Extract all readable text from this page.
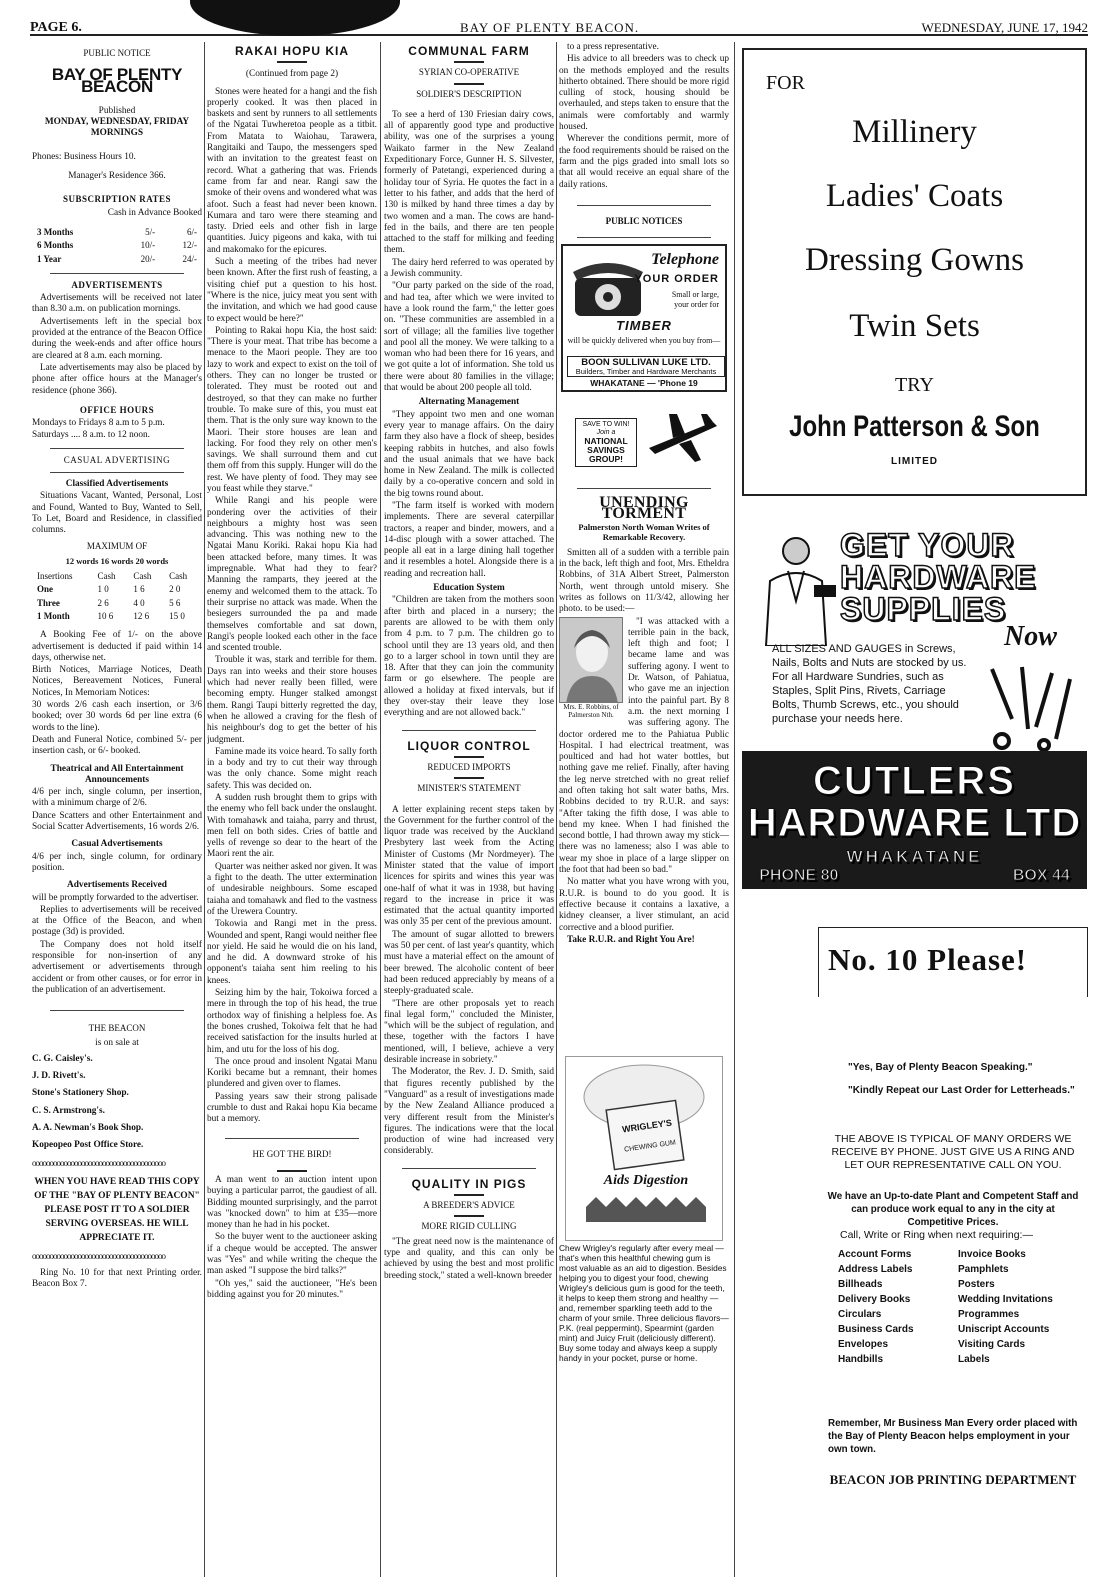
PAGE 6.	BAY OF PLENTY BEACON.	WEDNESDAY, JUNE 17, 1942
PUBLIC NOTICE
BAY OF PLENTY BEACON
Published
MONDAY, WEDNESDAY, FRIDAY MORNINGS
Phones: Business Hours 10.
Manager's Residence 366.
SUBSCRIPTION RATES
Cash in Advance Booked
3 Months	5/-	6/-
6 Months	10/-	12/-
1 Year	20/-	24/-
ADVERTISEMENTS

Advertisements will be received not later than 8.30 a.m. on publication mornings.

Advertisements left in the special box provided at the entrance of the Beacon Office during the week-ends and after office hours are cleared at 8 a.m. each morning.

Late advertisements may also be placed by phone after office hours at the Manager's residence (phone 366).

OFFICE HOURS

Mondays to Fridays 8 a.m to 5 p.m.

Saturdays .... 8 a.m. to 12 noon.

CASUAL ADVERTISING
Classified Advertisements

Situations Vacant, Wanted, Personal, Lost and Found, Wanted to Buy, Wanted to Sell, To Let, Board and Residence, in classified columns.

MAXIMUM OF
12 words 16 words 20 words
Insertions	Cash	Cash	Cash
One	1 0	1 6	2 0
Three	2 6	4 0	5 6
1 Month	10 6	12 6	15 0

A Booking Fee of 1/- on the above advertisement is deducted if paid within 14 days, otherwise net.

Birth Notices, Marriage Notices, Death Notices, Bereavement Notices, Funeral Notices, In Memoriam Notices:

30 words 2/6 cash each insertion, or 3/6 booked; over 30 words 6d per line extra (6 words to the line).

Death and Funeral Notice, combined 5/- per insertion cash, or 6/- booked.

Theatrical and All Entertainment Announcements

4/6 per inch, single column, per insertion, with a minimum charge of 2/6.

Dance Scatters and other Entertainment and Social Scatter Advertisements, 16 words 2/6.

Casual Advertisements

4/6 per inch, single column, for ordinary position.

Advertisements Received

will be promptly forwarded to the advertiser.

Replies to advertisements will be received at the Office of the Beacon, and when postage (3d) is provided.

The Company does not hold itself responsible for non-insertion of any advertisement or advertisements through accident or from other causes, or for error in the publication of an advertisement.

THE BEACON
is on sale at
C. G. Caisley's.
J. D. Rivett's.
Stone's Stationery Shop.
C. S. Armstrong's.
A. A. Newman's Book Shop.
Kopeopeo Post Office Store.
oooooooooooooooooooooooooooooooooooooo
WHEN YOU HAVE READ THIS COPY OF THE "BAY OF PLENTY BEACON" PLEASE POST IT TO A SOLDIER SERVING OVERSEAS. HE WILL APPRECIATE IT.
oooooooooooooooooooooooooooooooooooooo

Ring No. 10 for that next Printing order. Beacon Box 7.

RAKAI HOPU KIA
(Continued from page 2)

Stones were heated for a hangi and the fish properly cooked. It was then placed in baskets and sent by runners to all settlements of the Ngatai Tuwheretoa people as a titbit. From Matata to Waiohau, Tarawera, Rangitaiki and Taupo, the messengers sped with an invitation to the greatest feast on record. What a gathering that was. Friends came from far and near. Rangi saw the smoke of their ovens and wondered what was afoot. Such a feast had never been known. Kumara and taro were there steaming and tasty. Dried eels and other fish in large quantities. Juicy pigeons and kaka, with tui and makomako for the epicures.

Such a meeting of the tribes had never been known. After the first rush of feasting, a visiting chief put a question to his host. "Where is the nice, juicy meat you sent with the invitation, and which we had good cause to expect would be here?"

Pointing to Rakai hopu Kia, the host said: "There is your meat. That tribe has become a menace to the Maori people. They are too lazy to work and expect to exist on the toil of others. They can no longer be trusted or tolerated. They must be rooted out and destroyed, so that they can make no further trouble. To make sure of this, you must eat them. That is the only sure way known to the Maori. Their store houses are lean and lacking. For food they rely on other men's savings. We shall surround them and cut them off from this supply. Hunger will do the rest. We have plenty of food. They may see you feast while they starve."

While Rangi and his people were pondering over the activities of their neighbours a mighty host was seen advancing. This was nothing new to the Ngatai Manu Koriki. Rakai hopu Kia had been attacked before, many times. It was impregnable. What had they to fear? Manning the ramparts, they jeered at the enemy and welcomed them to the attack. To their surprise no attack was made. When the besiegers surrounded the pa and made themselves comfortable and sat down, Rangi's people looked each other in the face and scented trouble.

Trouble it was, stark and terrible for them. Days ran into weeks and their store houses which had never really been filled, were becoming empty. Hunger stalked amongst them. Rangi Taupi bitterly regretted the day, when he allowed a craving for the flesh of his neighbour's dog to get the better of his judgment.

Famine made its voice heard. To sally forth in a body and try to cut their way through was the only chance. Some might reach safety. This was decided on.

A sudden rush brought them to grips with the enemy who fell back under the onslaught. With tomahawk and taiaha, parry and thrust, men fell on both sides. Cries of battle and yells of revenge so dear to the heart of the Maori rent the air.

Quarter was neither asked nor given. It was a fight to the death. The utter extermination of undesirable neighbours. Some escaped taiaha and tomahawk and fled to the vastness of the Urewera Country.

Tokowia and Rangi met in the press. Wounded and spent, Rangi would neither flee nor yield. He said he would die on his land, and he did. A downward stroke of his opponent's taiaha sent him reeling to his knees.

Seizing him by the hair, Tokoiwa forced a mere in through the top of his head, the true orthodox way of finishing a helpless foe. As the bones crushed, Tokoiwa felt that he had received satisfaction for the insults hurled at him, and utu for the loss of his dog.

The once proud and insolent Ngatai Manu Koriki became but a remnant, their homes plundered and given over to flames.

Passing years saw their strong palisade crumble to dust and Rakai hopu Kia became but a memory.

HE GOT THE BIRD!

A man went to an auction intent upon buying a particular parrot, the gaudiest of all. Bidding mounted surprisingly, and the parrot was "knocked down" to him at £35—more money than he had in his pocket.

So the buyer went to the auctioneer asking if a cheque would be accepted. The answer was "Yes" and while writing the cheque the man asked "I suppose the bird talks?"

"Oh yes," said the auctioneer, "He's been bidding against you for 20 minutes."

COMMUNAL FARM
SYRIAN CO-OPERATIVE
SOLDIER'S DESCRIPTION

To see a herd of 130 Friesian dairy cows, all of apparently good type and productive ability, was one of the surprises a young Waikato farmer in the New Zealand Expeditionary Force, Gunner H. S. Silvester, formerly of Patetangi, experienced during a holiday tour of Syria. He quotes the fact in a letter to his father, and adds that the herd of 130 is milked by hand three times a day by two women and a man. The cows are hand-fed in the bails, and there are ten people attached to the staff for milking and feeding them.

The dairy herd referred to was operated by a Jewish community.

"Our party parked on the side of the road, and had tea, after which we were invited to have a look round the farm," the letter goes on. "These communities are assembled in a sort of village; all the families live together and pool all the money. We were talking to a woman who had been there for 16 years, and we got quite a lot of information. She told us there were about 80 families in the village; that would be about 200 people all told.

Alternating Management

"They appoint two men and one woman every year to manage affairs. On the dairy farm they also have a flock of sheep, besides keeping rabbits in hutches, and also fowls and the usual animals that we have back home in New Zealand. The milk is collected daily by a co-operative concern and sold in the big towns round about.

"The farm itself is worked with modern implements. There are several caterpillar tractors, a reaper and binder, mowers, and a 14-disc plough with a sower attached. The people all eat in a large dining hall together and it resembles a hotel. Alongside there is a reading and recreation hall.

Education System

"Children are taken from the mothers soon after birth and placed in a nursery; the parents are allowed to be with them only from 4 p.m. to 7 p.m. The children go to school until they are 13 years old, and then go to a larger school in town until they are 18. After that they can join the community farm or go elsewhere. The people are allowed a holiday at fixed intervals, but if they over-stay their leave they lose everything and are not allowed back."

LIQUOR CONTROL
REDUCED IMPORTS
MINISTER'S STATEMENT

A letter explaining recent steps taken by the Government for the further control of the liquor trade was received by the Auckland Presbytery last week from the Acting Minister of Customs (Mr Nordmeyer). The Minister stated that the value of import licences for spirits and wines this year was one-half of what it was in 1938, but having regard to the increase in price it was estimated that the actual quantity imported was only 35 per cent of the previous amount.

The amount of sugar allotted to brewers was 50 per cent. of last year's quantity, which must have a material effect on the amount of beer brewed. The alcoholic content of beer had been reduced appreciably by means of a steeply-graduated scale.

"There are other proposals yet to reach final legal form," concluded the Minister, "which will be the subject of regulation, and these, together with the factors I have mentioned, will, I believe, achieve a very desirable increase in sobriety."

The Moderator, the Rev. J. D. Smith, said that figures recently published by the "Vanguard" as a result of investigations made by the New Zealand Alliance produced a very different result from the Minister's figures. The indications were that the local production of wine had increased very considerably.

QUALITY IN PIGS
A BREEDER'S ADVICE
MORE RIGID CULLING

"The great need now is the maintenance of type and quality, and this can only be achieved by using the best and most prolific breeding stock," stated a well-known breeder

to a press representative.

His advice to all breeders was to check up on the methods employed and the results hitherto obtained. There should be more rigid culling of stock, housing should be overhauled, and steps taken to ensure that the animals were comfortably and warmly housed.

Wherever the conditions permit, more of the food requirements should be raised on the farm and the pigs graded into small lots so that all would receive an equal share of the daily rations.

PUBLIC NOTICES
Telephone
YOUR ORDER
Small or large, your order for
TIMBER
will be quickly delivered when you buy from—
BOON SULLIVAN LUKE LTD.
Builders, Timber and Hardware Merchants
WHAKATANE — 'Phone 19
SAVE TO WIN!
Join a
NATIONAL SAVINGS GROUP!
UNENDING TORMENT
Palmerston North Woman Writes of Remarkable Recovery.

Smitten all of a sudden with a terrible pain in the back, left thigh and foot, Mrs. Etheldra Robbins, of 31A Albert Street, Palmerston North, went through untold misery. She writes as follows on 11/3/42, allowing her photo. to be used:—

Mrs. E. Robbins, of Palmerston Nth.

"I was attacked with a terrible pain in the back, left thigh and foot; I became lame and was suffering agony. I went to Dr. Watson, of Pahiatua, who gave me an injection into the painful part. By 8 a.m. the next morning I was suffering agony. The doctor ordered me to the Pahiatua Public Hospital. I had electrical treatment, was poulticed and had hot water bottles, but nothing gave me relief. Finally, after having the leg nerve stretched with no great relief and often taking hot salt water baths, Mrs. Robbins decided to try R.U.R. and says: "After taking the fifth dose, I was able to bend my knee. When I had finished the second bottle, I had thrown away my stick—there was no lameness; also I was able to wear my shoe in place of a large slipper on the foot that had been so bad."

No matter what you have wrong with you, R.U.R. is bound to do you good. It is effective because it contains a laxative, a kidney cleanser, a liver stimulant, an acid corrective and a blood purifier.

Take R.U.R. and Right You Are!

WRIGLEY'S
CHEWING GUM
Aids Digestion
Chew Wrigley's regularly after every meal — that's when this healthful chewing gum is most valuable as an aid to digestion. Besides helping you to digest your food, chewing Wrigley's delicious gum is good for the teeth, it helps to keep them strong and healthy — and, remember sparkling teeth add to the charm of your smile. Three delicious flavors—P.K. (real peppermint), Spearmint (garden mint) and Juicy Fruit (deliciously different). Buy some today and always keep a supply handy in your pocket, purse or home.
FOR
Millinery
Ladies' Coats
Dressing Gowns
Twin Sets
TRY
John Patterson & Son
LIMITED
GET YOUR
HARDWARE
SUPPLIES
Now
ALL SIZES AND GAUGES in Screws, Nails, Bolts and Nuts are stocked by us. For all Hardware Sundries, such as Staples, Split Pins, Rivets, Carriage Bolts, Thumb Screws, etc., you should purchase your needs here.
CUTLERS
HARDWARE LTD
WHAKATANE
PHONE 80	BOX 44
No. 10 Please!
"Yes, Bay of Plenty Beacon Speaking."
"Kindly Repeat our Last Order for Letterheads."
THE ABOVE IS TYPICAL OF MANY ORDERS WE RECEIVE BY PHONE. JUST GIVE US A RING AND LET OUR REPRESENTATIVE CALL ON YOU.
We have an Up-to-date Plant and Competent Staff and can produce work equal to any in the city at Competitive Prices.
Call, Write or Ring when next requiring:—
Account Forms	Invoice Books
Address Labels	Pamphlets
Billheads	Posters
Delivery Books	Wedding Invitations
Circulars	Programmes
Business Cards	Uniscript Accounts
Envelopes	Visiting Cards
Handbills	Labels
Remember, Mr Business Man Every order placed with the Bay of Plenty Beacon helps employment in your own town.
BEACON JOB PRINTING DEPARTMENT
